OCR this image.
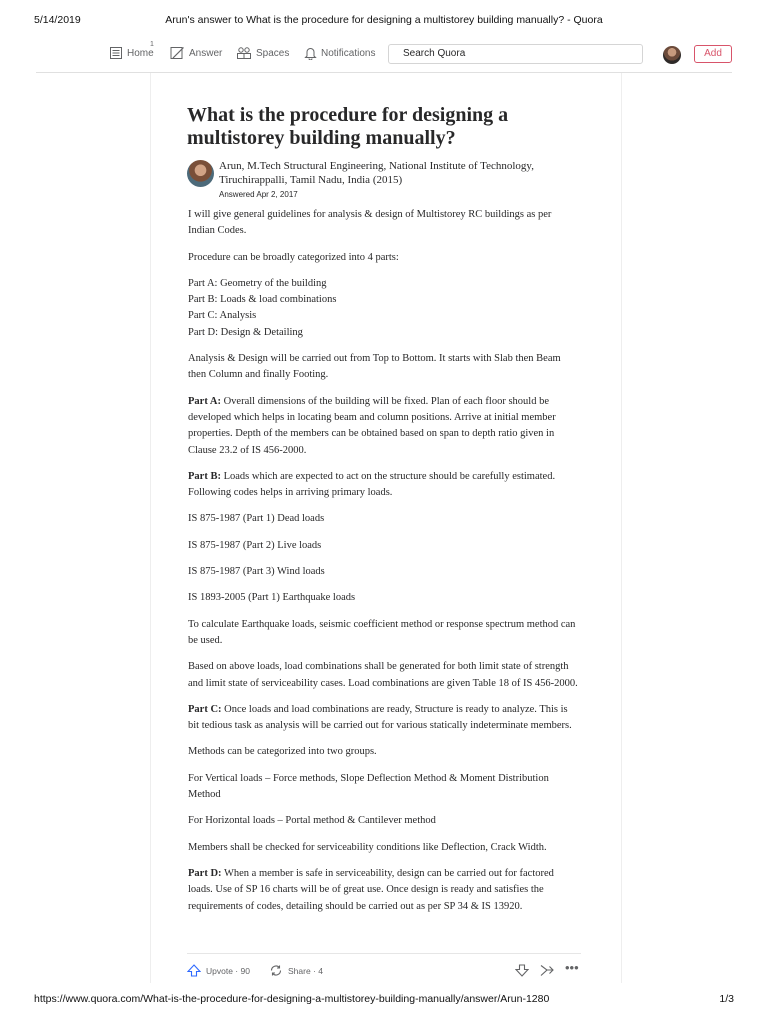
5/14/2019	Arun's answer to What is the procedure for designing a multistorey building manually? - Quora
Home
1
Answer	Spaces	Notifications	Search Quora	Add
What is the procedure for designing a multistorey building manually?
Arun, M.Tech Structural Engineering, National Institute of Technology,
Tiruchirappalli, Tamil Nadu, India (2015)
Answered Apr 2, 2017

I will give general guidelines for analysis & design of Multistorey RC buildings as per Indian Codes.

Procedure can be broadly categorized into 4 parts:

Part A: Geometry of the building
Part B: Loads & load combinations
Part C: Analysis
Part D: Design & Detailing

Analysis & Design will be carried out from Top to Bottom. It starts with Slab then Beam then Column and finally Footing.

Part A: Overall dimensions of the building will be fixed. Plan of each floor should be developed which helps in locating beam and column positions. Arrive at initial member properties. Depth of the members can be obtained based on span to depth ratio given in Clause 23.2 of IS 456-2000.

Part B: Loads which are expected to act on the structure should be carefully estimated. Following codes helps in arriving primary loads.

IS 875-1987 (Part 1) Dead loads

IS 875-1987 (Part 2) Live loads

IS 875-1987 (Part 3) Wind loads

IS 1893-2005 (Part 1) Earthquake loads

To calculate Earthquake loads, seismic coefficient method or response spectrum method can be used.

Based on above loads, load combinations shall be generated for both limit state of strength and limit state of serviceability cases. Load combinations are given Table 18 of IS 456-2000.

Part C: Once loads and load combinations are ready, Structure is ready to analyze. This is bit tedious task as analysis will be carried out for various statically indeterminate members.

Methods can be categorized into two groups.

For Vertical loads – Force methods, Slope Deflection Method & Moment Distribution Method

For Horizontal loads – Portal method & Cantilever method

Members shall be checked for serviceability conditions like Deflection, Crack Width.

Part D: When a member is safe in serviceability, design can be carried out for factored loads. Use of SP 16 charts will be of great use. Once design is ready and satisfies the requirements of codes, detailing should be carried out as per SP 34 & IS 13920.

Upvote · 90	Share · 4	•••
https://www.quora.com/What-is-the-procedure-for-designing-a-multistorey-building-manually/answer/Arun-1280	1/3
